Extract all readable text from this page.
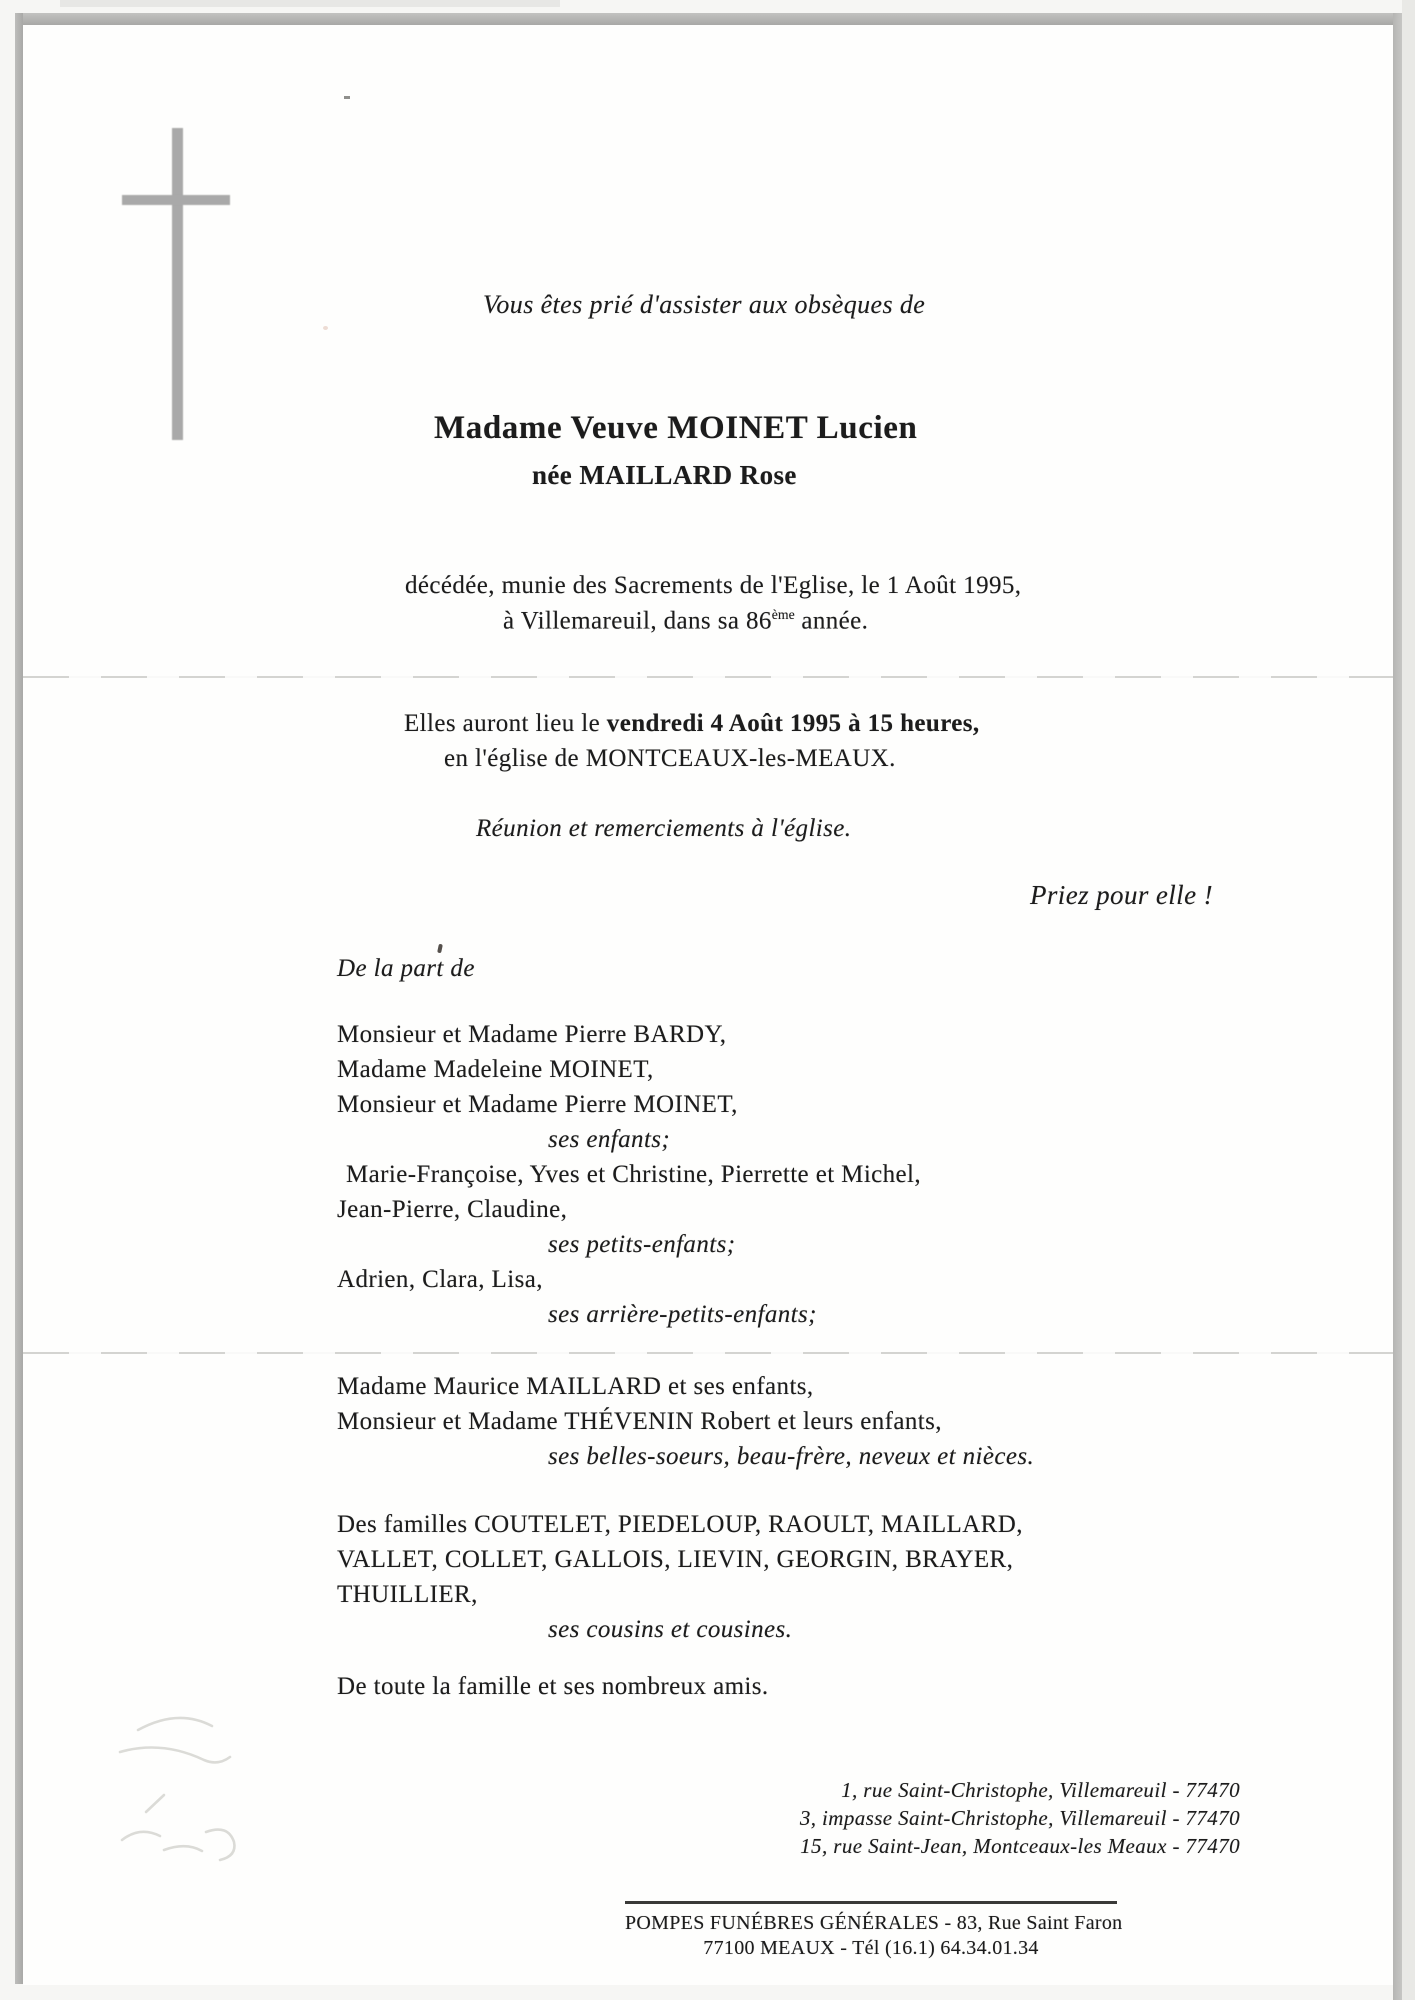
Vous êtes prié d'assister aux obsèques de
Madame Veuve MOINET Lucien
née MAILLARD Rose
décédée, munie des Sacrements de l'Eglise, le 1 Août 1995,
à Villemareuil, dans sa 86ème année.
Elles auront lieu le vendredi 4 Août 1995 à 15 heures,
en l'église de MONTCEAUX-les-MEAUX.
Réunion et remerciements à l'église.
Priez pour elle !
De la part de
Monsieur et Madame Pierre BARDY,
Madame Madeleine MOINET,
Monsieur et Madame Pierre MOINET,
ses enfants;
Marie-Françoise, Yves et Christine, Pierrette et Michel,
Jean-Pierre, Claudine,
ses petits-enfants;
Adrien, Clara, Lisa,
ses arrière-petits-enfants;
Madame Maurice MAILLARD et ses enfants,
Monsieur et Madame THÉVENIN Robert et leurs enfants,
ses belles-soeurs, beau-frère, neveux et nièces.
Des familles COUTELET, PIEDELOUP, RAOULT, MAILLARD,
VALLET, COLLET, GALLOIS, LIEVIN, GEORGIN, BRAYER,
THUILLIER,
ses cousins et cousines.
De toute la famille et ses nombreux amis.
1, rue Saint-Christophe, Villemareuil - 77470
3, impasse Saint-Christophe, Villemareuil - 77470
15, rue Saint-Jean, Montceaux-les Meaux - 77470
POMPES FUNÉBRES GÉNÉRALES - 83, Rue Saint Faron
77100 MEAUX - Tél (16.1) 64.34.01.34
